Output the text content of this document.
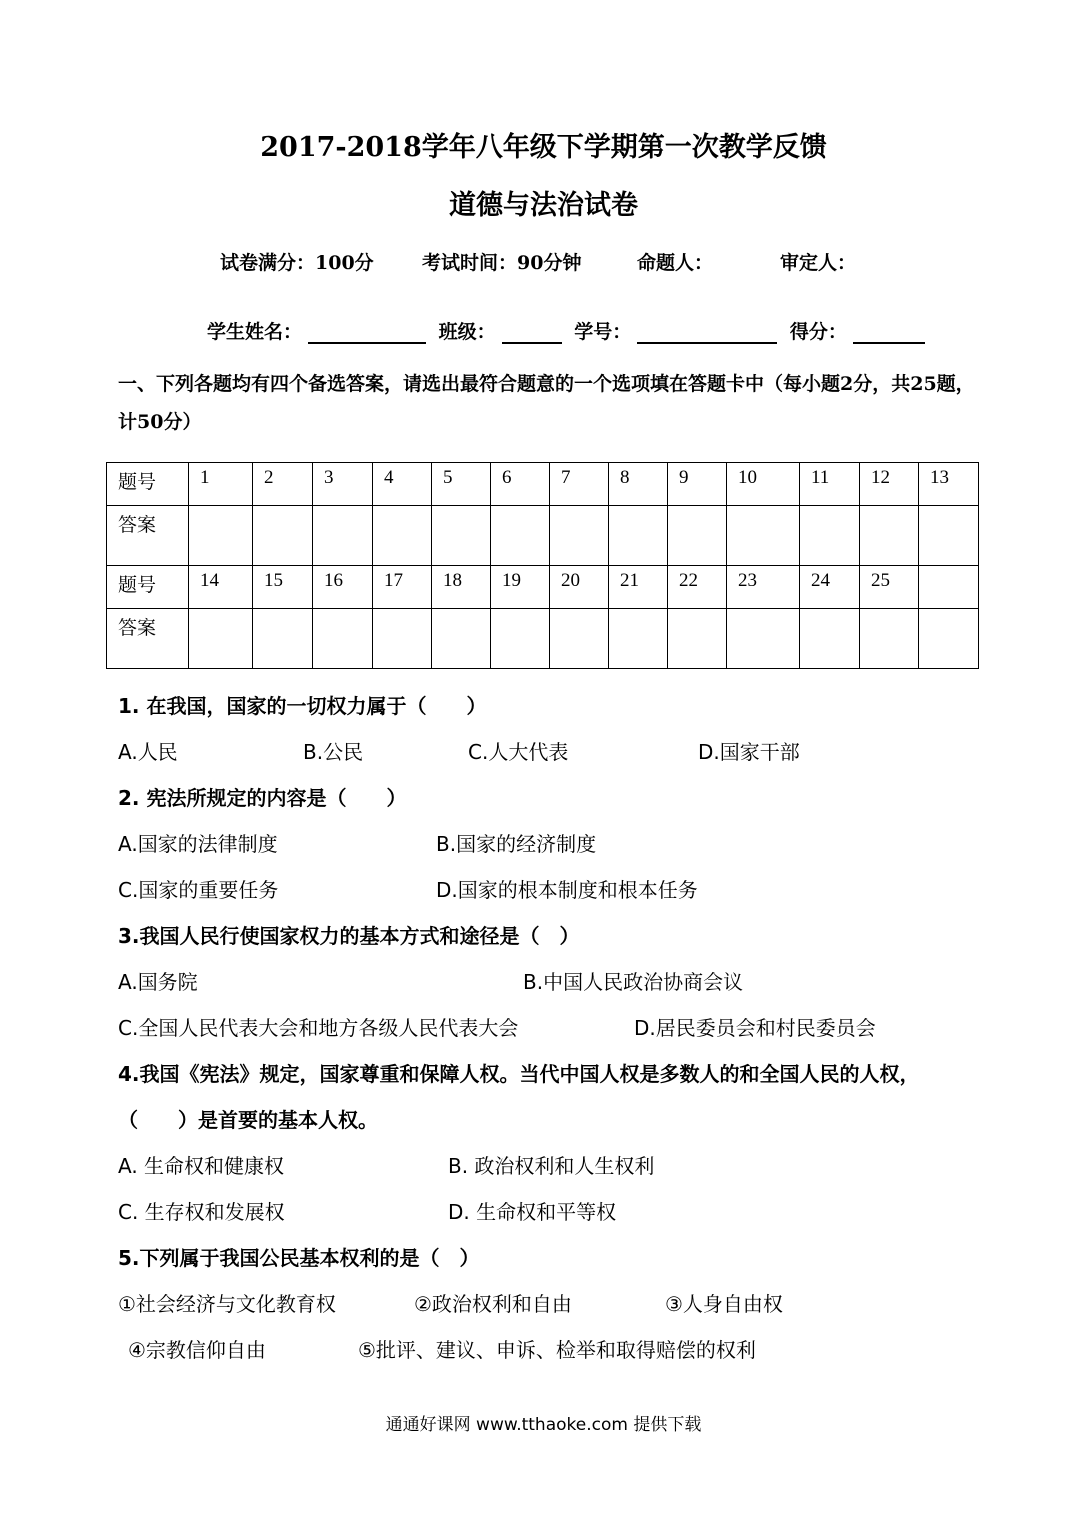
2017-2018学年八年级下学期第一次教学反馈
道德与法治试卷
试卷满分：100分	考试时间：90分钟	命题人：	审定人：
学生姓名：	班级：	学号：	得分：
一、下列各题均有四个备选答案，请选出最符合题意的一个选项填在答题卡中（每小题2分，共25题，计50分）
题号	1	2	3	4	5	6	7	8	9	10	11	12	13
答案													
题号	14	15	16	17	18	19	20	21	22	23	24	25	
答案													
1. 在我国，国家的一切权力属于（　　）
A.人民	B.公民	C.人大代表	D.国家干部
2. 宪法所规定的内容是（　　）
A.国家的法律制度	B.国家的经济制度
C.国家的重要任务	D.国家的根本制度和根本任务
3.我国人民行使国家权力的基本方式和途径是（　）
A.国务院	B.中国人民政治协商会议
C.全国人民代表大会和地方各级人民代表大会	D.居民委员会和村民委员会
4.我国《宪法》规定，国家尊重和保障人权。当代中国人权是多数人的和全国人民的人权，
（　　）是首要的基本人权。
A. 生命权和健康权	B. 政治权利和人生权利
C. 生存权和发展权	D. 生命权和平等权
5.下列属于我国公民基本权利的是（　）
①社会经济与文化教育权	②政治权利和自由	③人身自由权
④宗教信仰自由	⑤批评、建议、申诉、检举和取得赔偿的权利
通通好课网 www.tthaoke.com 提供下载
